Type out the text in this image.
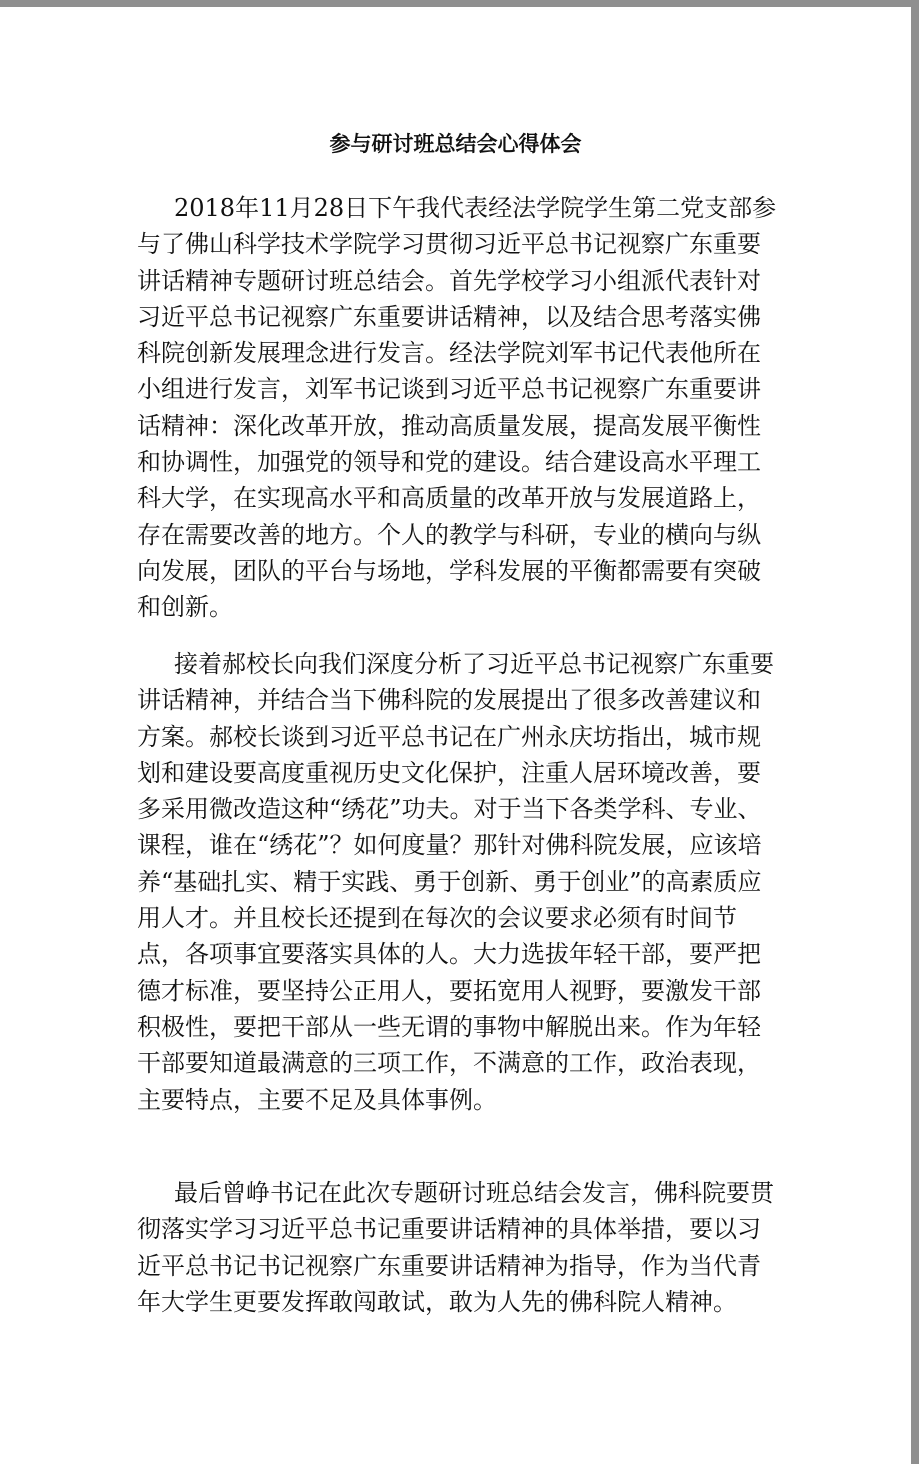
参与研讨班总结会心得体会

2018年11月28日下午我代表经法学院学生第二党支部参与了佛山科学技术学院学习贯彻习近平总书记视察广东重要讲话精神专题研讨班总结会。首先学校学习小组派代表针对习近平总书记视察广东重要讲话精神，以及结合思考落实佛科院创新发展理念进行发言。经法学院刘军书记代表他所在小组进行发言，刘军书记谈到习近平总书记视察广东重要讲话精神：深化改革开放，推动高质量发展，提高发展平衡性和协调性，加强党的领导和党的建设。结合建设高水平理工科大学，在实现高水平和高质量的改革开放与发展道路上，存在需要改善的地方。个人的教学与科研，专业的横向与纵向发展，团队的平台与场地，学科发展的平衡都需要有突破和创新。

接着郝校长向我们深度分析了习近平总书记视察广东重要讲话精神，并结合当下佛科院的发展提出了很多改善建议和方案。郝校长谈到习近平总书记在广州永庆坊指出，城市规划和建设要高度重视历史文化保护，注重人居环境改善，要多采用微改造这种“绣花”功夫。对于当下各类学科、专业、课程，谁在“绣花”？如何度量？那针对佛科院发展，应该培养“基础扎实、精于实践、勇于创新、勇于创业”的高素质应用人才。并且校长还提到在每次的会议要求必须有时间节点，各项事宜要落实具体的人。大力选拔年轻干部，要严把德才标准，要坚持公正用人，要拓宽用人视野，要激发干部积极性，要把干部从一些无谓的事物中解脱出来。作为年轻干部要知道最满意的三项工作，不满意的工作，政治表现，主要特点，主要不足及具体事例。

最后曾峥书记在此次专题研讨班总结会发言，佛科院要贯彻落实学习习近平总书记重要讲话精神的具体举措，要以习近平总书记书记视察广东重要讲话精神为指导，作为当代青年大学生更要发挥敢闯敢试，敢为人先的佛科院人精神。
